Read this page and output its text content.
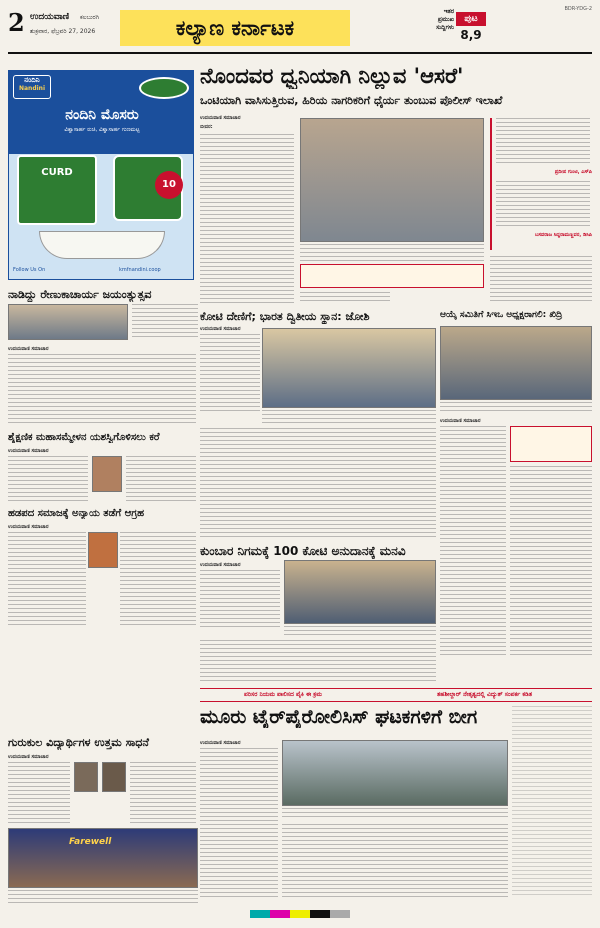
2 ಉದಯವಾಣಿ ಕಲಬುರಗಿ
ಶುಕ್ರವಾರ, ಫೆಬ್ರವರಿ 27, 2026	ಕಲ್ಯಾಣ ಕರ್ನಾಟಕ
ಇತರ
ಪ್ರಮುಖ
ಸುದ್ದಿಗಳು
ಪುಟ
8,9
BDR-YDG-2
ನಂದಿನಿ
Nandini
ನಂದಿನಿ ಮೊಸರು
ವಿಶ್ವಾಸಾರ್ಹ ರುಚಿ, ವಿಶ್ವಾಸಾರ್ಹ ಗುಣಮಟ್ಟ
CURD
10
Follow Us On	kmfnandini.coop
ನೊಂದವರ ಧ್ವನಿಯಾಗಿ ನಿಲ್ಲುವ 'ಆಸರೆ'
ಒಂಟಿಯಾಗಿ ವಾಸಿಸುತ್ತಿರುವ, ಹಿರಿಯ ನಾಗರಿಕರಿಗೆ ಧೈರ್ಯ ತುಂಬುವ ಪೊಲೀಸ್ ಇಲಾಖೆ
ಉದಯವಾಣಿ ಸಮಾಚಾರ
ಬೀದರ:
ಪ್ರದೀಪ ಗುಂಟಿ, ಎಸ್‌ಪಿ
ಬಸವರಾಜ ಸಿದ್ದರಾಮಣ್ಣವರ, ಡಿಸಿಪಿ
ನಾಡಿದ್ದು ರೇಣುಕಾಚಾರ್ಯ ಜಯಂತ್ಯುತ್ಸವ
ಉದಯವಾಣಿ ಸಮಾಚಾರ
ಶೈಕ್ಷಣಿಕ ಮಹಾಸಮ್ಮೇಳನ ಯಶಸ್ವಿಗೊಳಿಸಲು ಕರೆ
ಉದಯವಾಣಿ ಸಮಾಚಾರ
ಹಡಪದ ಸಮಾಜಕ್ಕೆ ಅನ್ಯಾಯ ತಡೆಗೆ ಆಗ್ರಹ
ಉದಯವಾಣಿ ಸಮಾಚಾರ
ಗುರುಕುಲ ವಿದ್ಯಾರ್ಥಿಗಳ ಉತ್ತಮ ಸಾಧನೆ
ಉದಯವಾಣಿ ಸಮಾಚಾರ
Farewell
ಕೋಟಿ ದೇಣಿಗೆ; ಭಾರತ ದ್ವಿತೀಯ ಸ್ಥಾನ: ಜೋಶಿ
ಉದಯವಾಣಿ ಸಮಾಚಾರ
ಆಯ್ಕೆ ಸಮಿತಿಗೆ ಸಿಇಒ ಅಧ್ಯಕ್ಷರಾಗಲಿ: ಖಿದ್ರಿ
ಉದಯವಾಣಿ ಸಮಾಚಾರ
ಕುಂಬಾರ ನಿಗಮಕ್ಕೆ 100 ಕೋಟಿ ಅನುದಾನಕ್ಕೆ ಮನವಿ
ಉದಯವಾಣಿ ಸಮಾಚಾರ
ಪರಿಸರ ನಿಯಮ ಪಾಲಿಸದ ಪೈಕಿ ಈ ಕ್ರಮ	ತಹಶೀಲ್ದಾರ್ ನೇತೃತ್ವದಲ್ಲಿ ವಿದ್ಯುತ್ ಸಂಪರ್ಕ ಕಡಿತ
ಮೂರು ಟೈರ್‌ಪೈರೋಲಿಸಿಸ್ ಘಟಕಗಳಿಗೆ ಬೀಗ
ಉದಯವಾಣಿ ಸಮಾಚಾರ
